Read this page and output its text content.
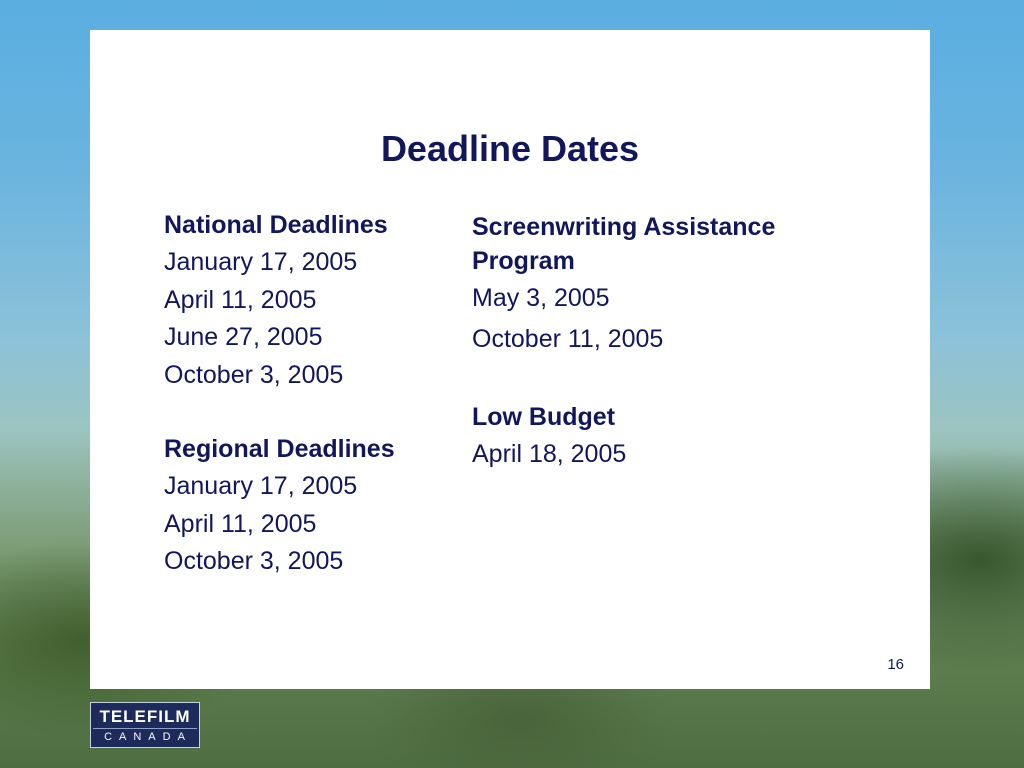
Deadline Dates

National Deadlines

January 17, 2005

April 11, 2005

June 27, 2005

October 3, 2005

Regional Deadlines

January 17, 2005

April 11, 2005

October 3, 2005

Screenwriting Assistance

Program

May 3, 2005

October 11, 2005

Low Budget

April 18, 2005

16
TELEFILM
CANADA
